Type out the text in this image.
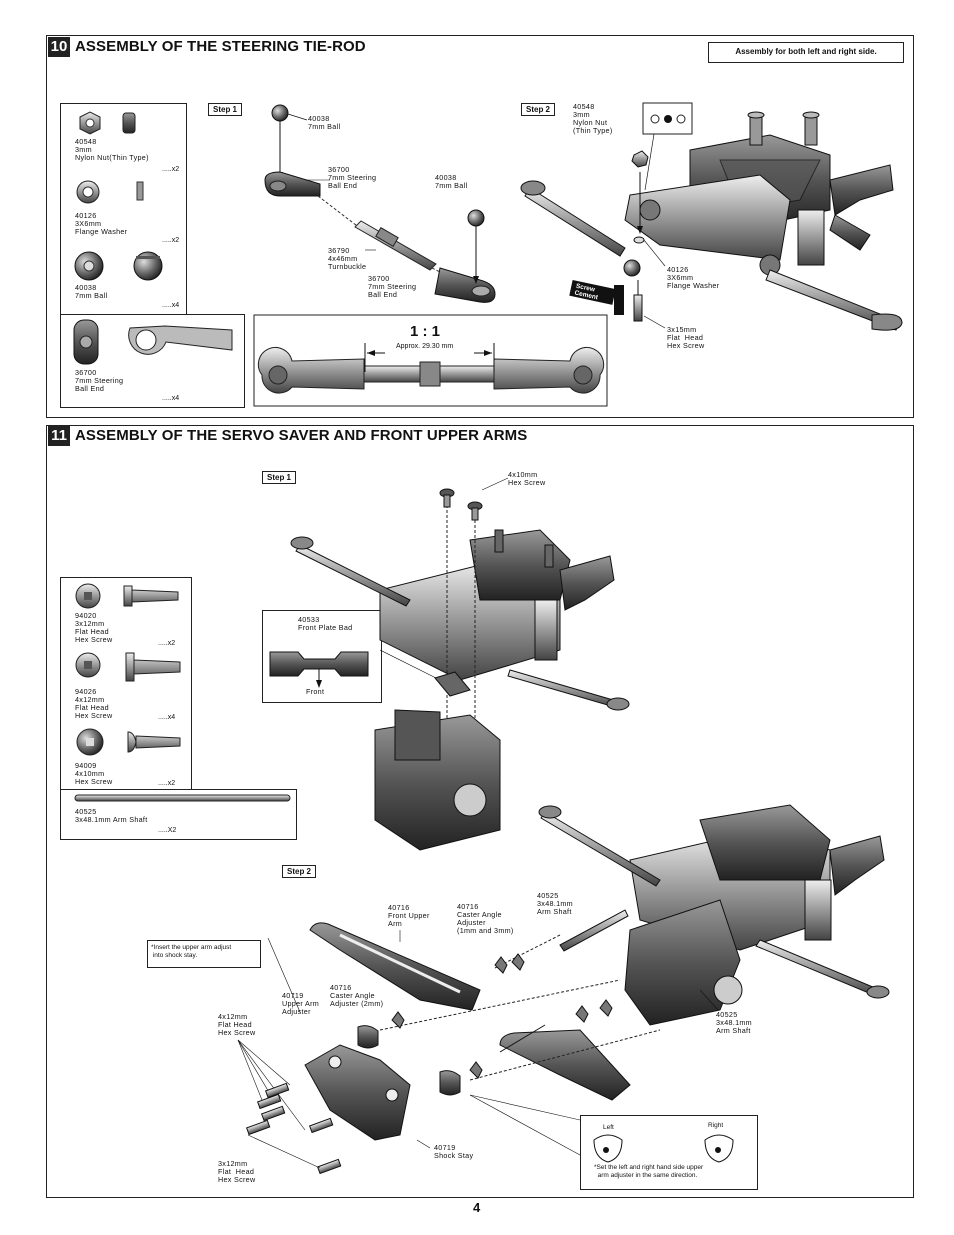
10 ASSEMBLY OF THE STEERING TIE-ROD	Assembly for both left and right side.
Step 1	Step 2
40548
3mm
Nylon Nut(Thin Type)
.....x2
40126
3X6mm
Flange Washer
.....x2
40038
7mm Ball
.....x4
36700
7mm Steering
Ball End
.....x4
40038
7mm Ball
36700
7mm Steering
Ball End
40038
7mm Ball
36790
4x46mm
Turnbuckle
36700
7mm Steering
Ball End
1 : 1
Approx. 29.30 mm
40548
3mm
Nylon Nut
(Thin Type)
40126
3X6mm
Flange Washer
3x15mm
Flat  Head
Hex Screw
Screw
Cement
11 ASSEMBLY OF THE SERVO SAVER AND FRONT UPPER ARMS
Step 1
Step 2
94020
3x12mm
Flat Head
Hex Screw	.....x2
94026
4x12mm
Flat Head
Hex Screw	.....x4
94009
4x10mm
Hex Screw	.....x2
40525
3x48.1mm Arm Shaft
.....X2
4x10mm
Hex Screw
40533
Front Plate Bad
Front
40716
Front Upper
Arm
40716
Caster Angle
Adjuster
(1mm and 3mm)
40525
3x48.1mm
Arm Shaft
40719
Upper Arm
Adjuster
40716
Caster Angle
Adjuster (2mm)
40525
3x48.1mm
Arm Shaft
4x12mm
Flat Head
Hex Screw
3x12mm
Flat  Head
Hex Screw
40719
Shock Stay
*Insert the upper arm adjust
into shock stay.
Left	Right
*Set the left and right hand side upper
arm adjuster in the same direction.
4
